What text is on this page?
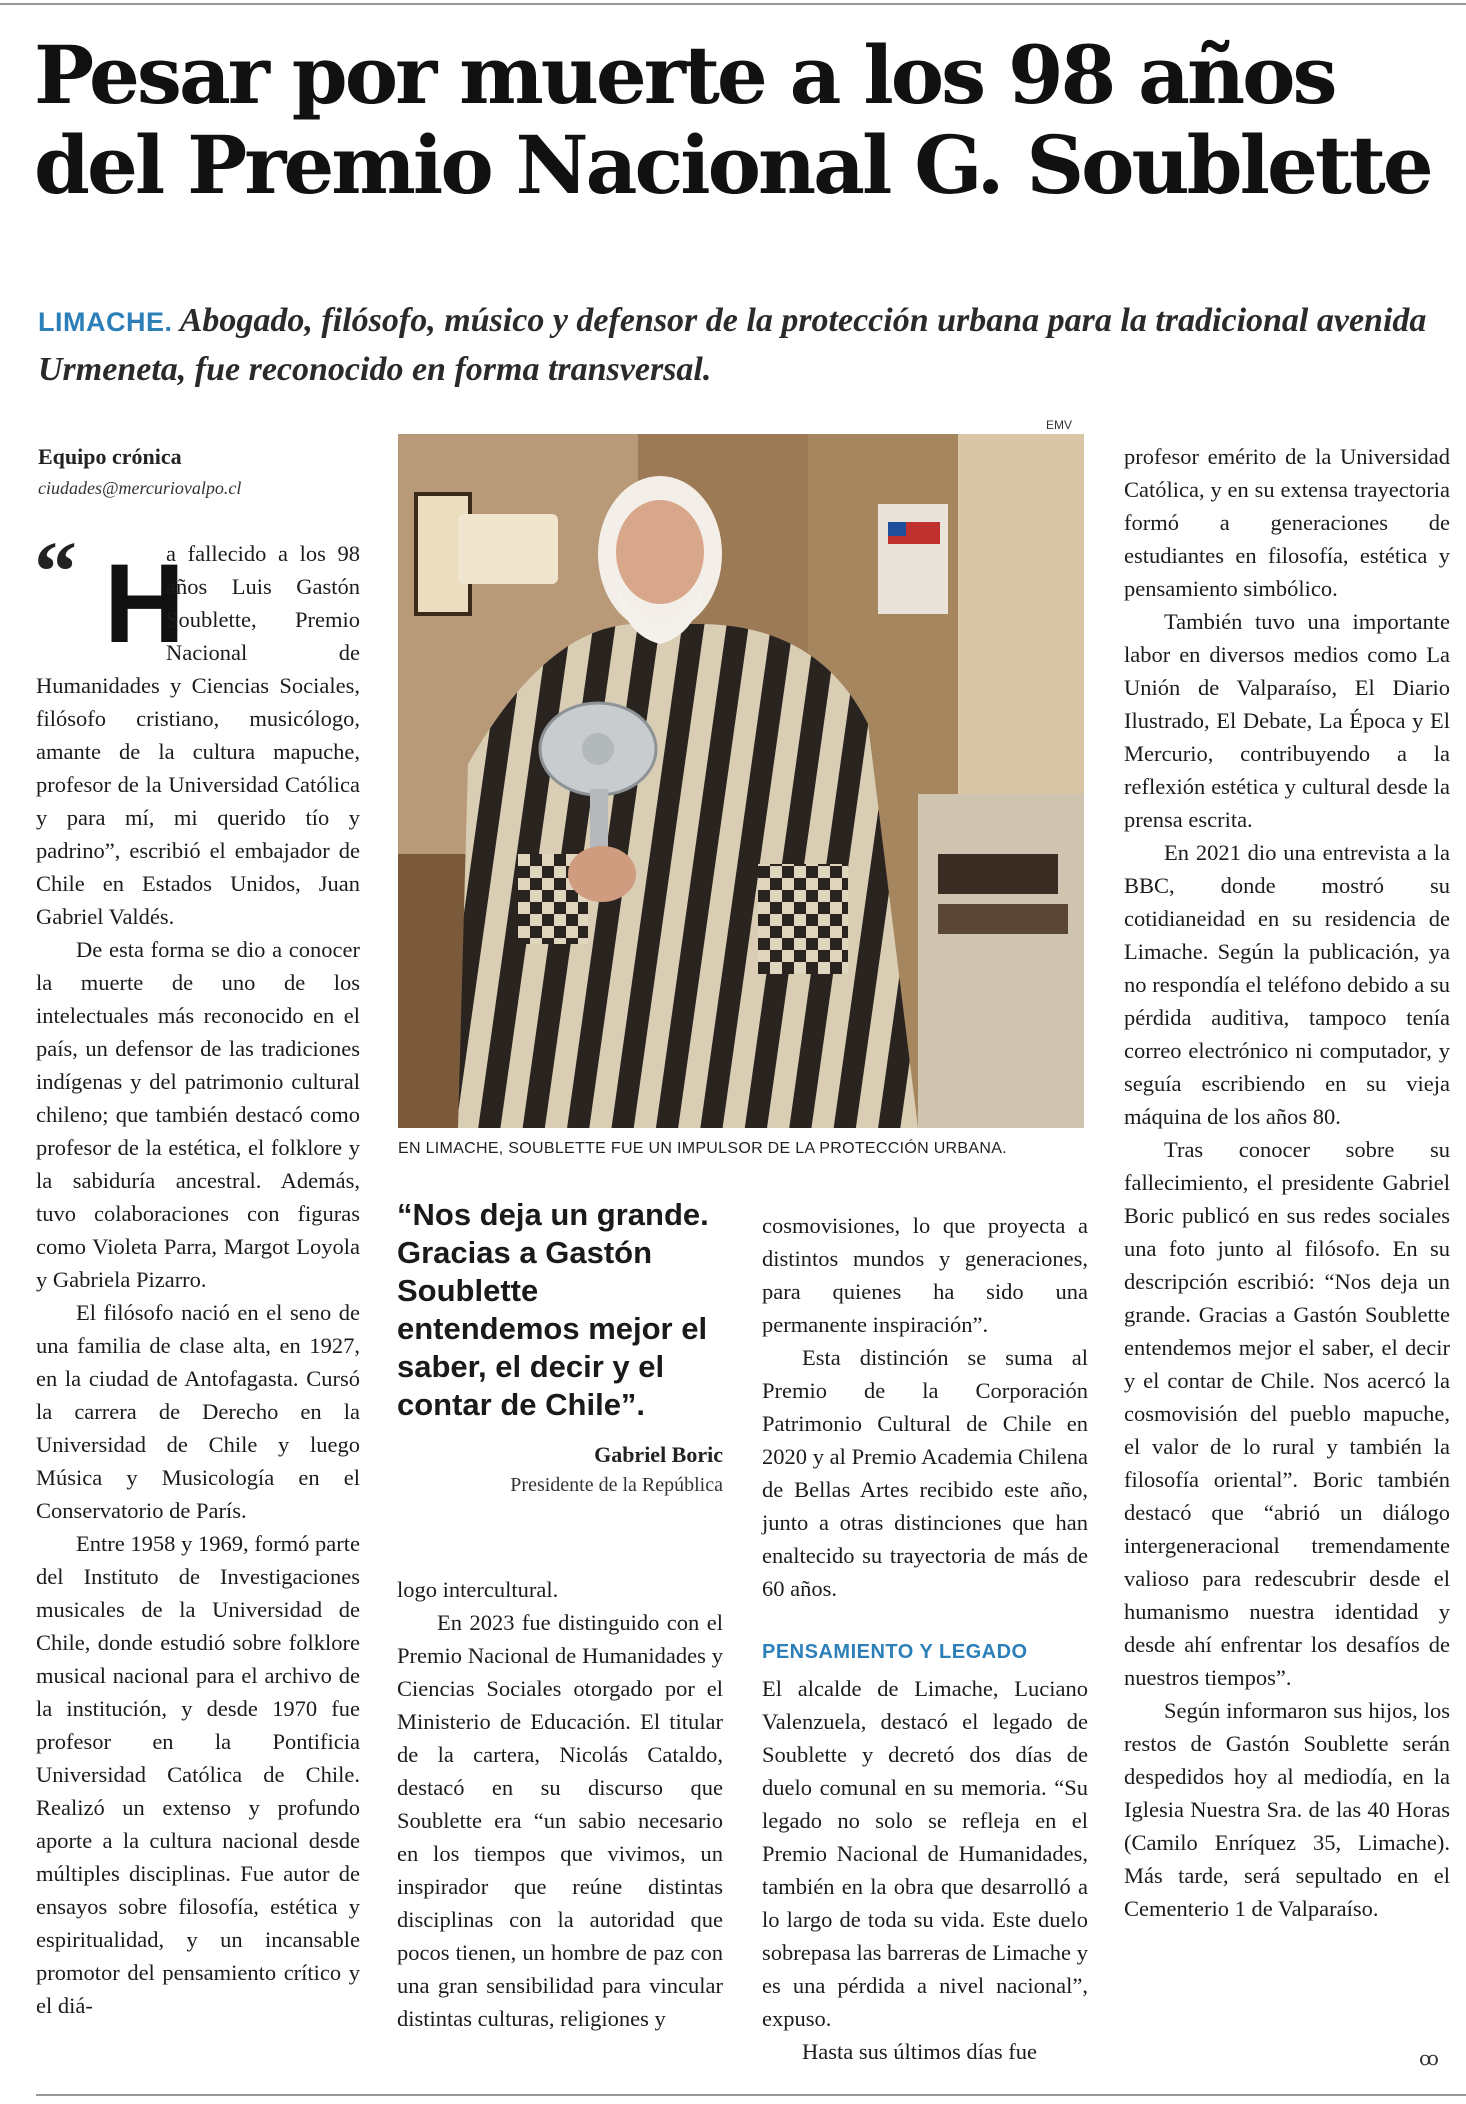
Pesar por muerte a los 98 años
del Premio Nacional G. Soublette
LIMACHE. Abogado, filósofo, músico y defensor de la protección urbana para la tradicional avenida Urmeneta, fue reconocido en forma transversal.
Equipo crónica
ciudades@mercuriovalpo.cl
“ H

a fallecido a los 98 años Luis Gastón Soublette, Premio Nacional de Humanidades y Ciencias Sociales, filósofo cristiano, musicólogo, amante de la cultura mapuche, profesor de la Universidad Católica y para mí, mi querido tío y padrino”, escribió el embajador de Chile en Estados Unidos, Juan Gabriel Valdés.

De esta forma se dio a conocer la muerte de uno de los intelectuales más reconocido en el país, un defensor de las tradiciones indígenas y del patrimonio cultural chileno; que también destacó como profesor de la estética, el folklore y la sabiduría ancestral. Además, tuvo colaboraciones con figuras como Violeta Parra, Margot Loyola y Gabriela Pizarro.

El filósofo nació en el seno de una familia de clase alta, en 1927, en la ciudad de Antofagasta. Cursó la carrera de Derecho en la Universidad de Chile y luego Música y Musicología en el Conservatorio de París.

Entre 1958 y 1969, formó parte del Instituto de Investigaciones musicales de la Universidad de Chile, donde estudió sobre folklore musical nacional para el archivo de la institución, y desde 1970 fue profesor en la Pontificia Universidad Católica de Chile. Realizó un extenso y profundo aporte a la cultura nacional desde múltiples disciplinas. Fue autor de ensayos sobre filosofía, estética y espiritualidad, y un incansable promotor del pensamiento crítico y el diá-

EMV
EN LIMACHE, SOUBLETTE FUE UN IMPULSOR DE LA PROTECCIÓN URBANA.
“Nos deja un grande. Gracias a Gastón Soublette entendemos mejor el saber, el decir y el contar de Chile”.
Gabriel Boric
Presidente de la República

logo intercultural.

En 2023 fue distinguido con el Premio Nacional de Humanidades y Ciencias Sociales otorgado por el Ministerio de Educación. El titular de la cartera, Nicolás Cataldo, destacó en su discurso que Soublette era “un sabio necesario en los tiempos que vivimos, un inspirador que reúne distintas disciplinas con la autoridad que pocos tienen, un hombre de paz con una gran sensibilidad para vincular distintas culturas, religiones y

cosmovisiones, lo que proyecta a distintos mundos y generaciones, para quienes ha sido una permanente inspiración”.

Esta distinción se suma al Premio de la Corporación Patrimonio Cultural de Chile en 2020 y al Premio Academia Chilena de Bellas Artes recibido este año, junto a otras distinciones que han enaltecido su trayectoria de más de 60 años.

PENSAMIENTO Y LEGADO

El alcalde de Limache, Luciano Valenzuela, destacó el legado de Soublette y decretó dos días de duelo comunal en su memoria. “Su legado no solo se refleja en el Premio Nacional de Humanidades, también en la obra que desarrolló a lo largo de toda su vida. Este duelo sobrepasa las barreras de Limache y es una pérdida a nivel nacional”, expuso.

Hasta sus últimos días fue

profesor emérito de la Universidad Católica, y en su extensa trayectoria formó a generaciones de estudiantes en filosofía, estética y pensamiento simbólico.

También tuvo una importante labor en diversos medios como La Unión de Valparaíso, El Diario Ilustrado, El Debate, La Época y El Mercurio, contribuyendo a la reflexión estética y cultural desde la prensa escrita.

En 2021 dio una entrevista a la BBC, donde mostró su cotidianeidad en su residencia de Limache. Según la publicación, ya no respondía el teléfono debido a su pérdida auditiva, tampoco tenía correo electrónico ni computador, y seguía escribiendo en su vieja máquina de los años 80.

Tras conocer sobre su fallecimiento, el presidente Gabriel Boric publicó en sus redes sociales una foto junto al filósofo. En su descripción escribió: “Nos deja un grande. Gracias a Gastón Soublette entendemos mejor el saber, el decir y el contar de Chile. Nos acercó la cosmovisión del pueblo mapuche, el valor de lo rural y también la filosofía oriental”. Boric también destacó que “abrió un diálogo intergeneracional tremendamente valioso para redescubrir desde el humanismo nuestra identidad y desde ahí enfrentar los desafíos de nuestros tiempos”.

Según informaron sus hijos, los restos de Gastón Soublette serán despedidos hoy al mediodía, en la Iglesia Nuestra Sra. de las 40 Horas (Camilo Enríquez 35, Limache). Más tarde, será sepultado en el Cementerio 1 de Valparaíso.

ꝏ
